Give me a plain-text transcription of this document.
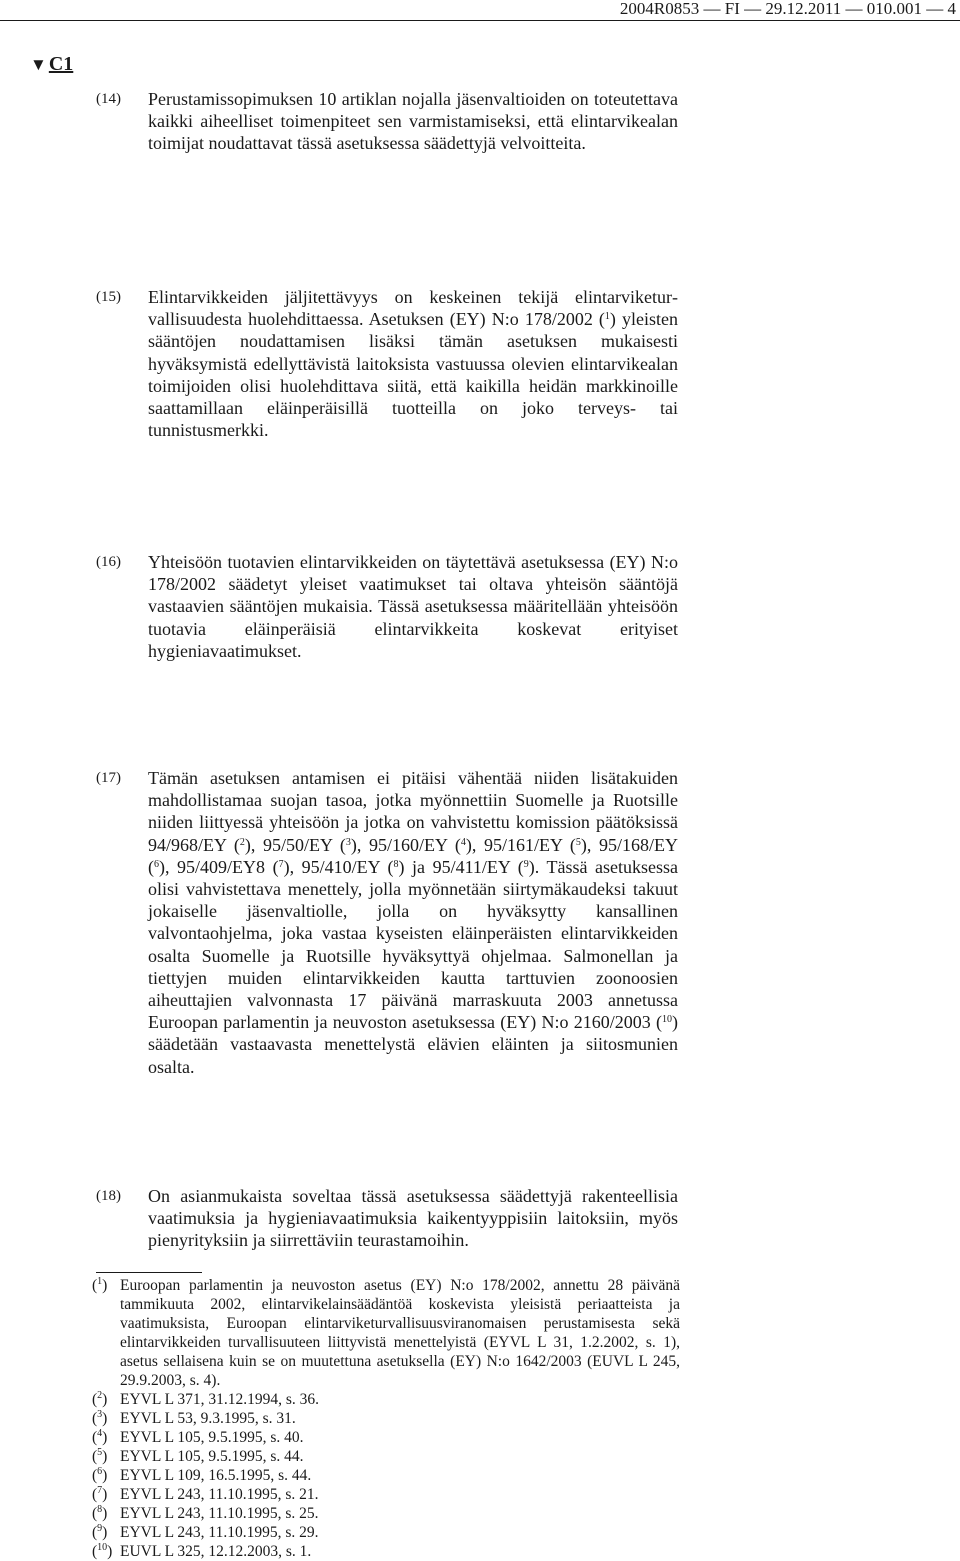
2004R0853 — FI — 29.12.2011 — 010.001 — 4
▼ C1
(14) Perustamissopimuksen 10 artiklan nojalla jäsenvaltioiden on toteutettava kaikki aiheelliset toimenpiteet sen varmistamiseksi, että elintarvikealan toimijat noudattavat tässä asetuksessa säädettyjä velvoitteita.
(15) Elintarvikkeiden jäljitettävyys on keskeinen tekijä elintarviketurvallisuudesta huolehdittaessa. Asetuksen (EY) N:o 178/2002 ($^1$) yleisten sääntöjen noudattamisen lisäksi tämän asetuksen mukaisesti hyväksymistä edellyttävistä laitoksista vastuussa olevien elintarvikealan toimijoiden olisi huolehdittava siitä, että kaikilla heidän markkinoille saattamillaan eläinperäisillä tuotteilla on joko terveys- tai tunnistusmerkki.
(16) Yhteisöön tuotavien elintarvikkeiden on täytettävä asetuksessa (EY) N:o 178/2002 säädetyt yleiset vaatimukset tai oltava yhteisön sääntöjä vastaavien sääntöjen mukaisia. Tässä asetuksessa määritellään yhteisöön tuotavia eläinperäisiä elintarvikkeita koskevat erityiset hygieniavaatimukset.
(17) Tämän asetuksen antamisen ei pitäisi vähentää niiden lisätakuiden mahdollistamaa suojan tasoa, jotka myönnettiin Suomelle ja Ruotsille niiden liittyessä yhteisöön ja jotka on vahvistettu komission päätöksissä 94/968/EY ($^2$), 95/50/EY ($^3$), 95/160/EY ($^4$), 95/161/EY ($^5$), 95/168/EY ($^6$), 95/409/EY8 ($^7$), 95/410/EY ($^8$) ja 95/411/EY ($^9$). Tässä asetuksessa olisi vahvistettava menettely, jolla myönnetään siirtymäkaudeksi takuut jokaiselle jäsenvaltiolle, jolla on hyväksytty kansallinen valvontaohjelma, joka vastaa kyseisten eläinperäisten elintarvikkeiden osalta Suomelle ja Ruotsille hyväksyttyä ohjelmaa. Salmonellan ja tiettyjen muiden elintarvikkeiden kautta tarttuvien zoonoosien aiheuttajien valvonnasta 17 päivänä marraskuuta 2003 annetussa Euroopan parlamentin ja neuvoston asetuksessa (EY) N:o 2160/2003 ($^{10}$) säädetään vastaavasta menettelystä elävien eläinten ja siitosmunien osalta.
(18) On asianmukaista soveltaa tässä asetuksessa säädettyjä rakenteellisia vaatimuksia ja hygieniavaatimuksia kaikentyyppisiin laitoksiin, myös pienyrityksiin ja siirrettäviin teurastamoihin.
($^1$) Euroopan parlamentin ja neuvoston asetus (EY) N:o 178/2002, annettu 28 päivänä tammikuuta 2002, elintarvikelainsäädäntöä koskevista yleisistä periaatteista ja vaatimuksista, Euroopan elintarviketurvallisuusviranomaisen perustamisesta sekä elintarvikkeiden turvallisuuteen liittyvistä menettelyistä (EYVL L 31, 1.2.2002, s. 1), asetus sellaisena kuin se on muutettuna asetuksella (EY) N:o 1642/2003 (EUVL L 245, 29.9.2003, s. 4).
($^2$) EYVL L 371, 31.12.1994, s. 36.
($^3$) EYVL L 53, 9.3.1995, s. 31.
($^4$) EYVL L 105, 9.5.1995, s. 40.
($^5$) EYVL L 105, 9.5.1995, s. 44.
($^6$) EYVL L 109, 16.5.1995, s. 44.
($^7$) EYVL L 243, 11.10.1995, s. 21.
($^8$) EYVL L 243, 11.10.1995, s. 25.
($^9$) EYVL L 243, 11.10.1995, s. 29.
($^{10}$) EUVL L 325, 12.12.2003, s. 1.
